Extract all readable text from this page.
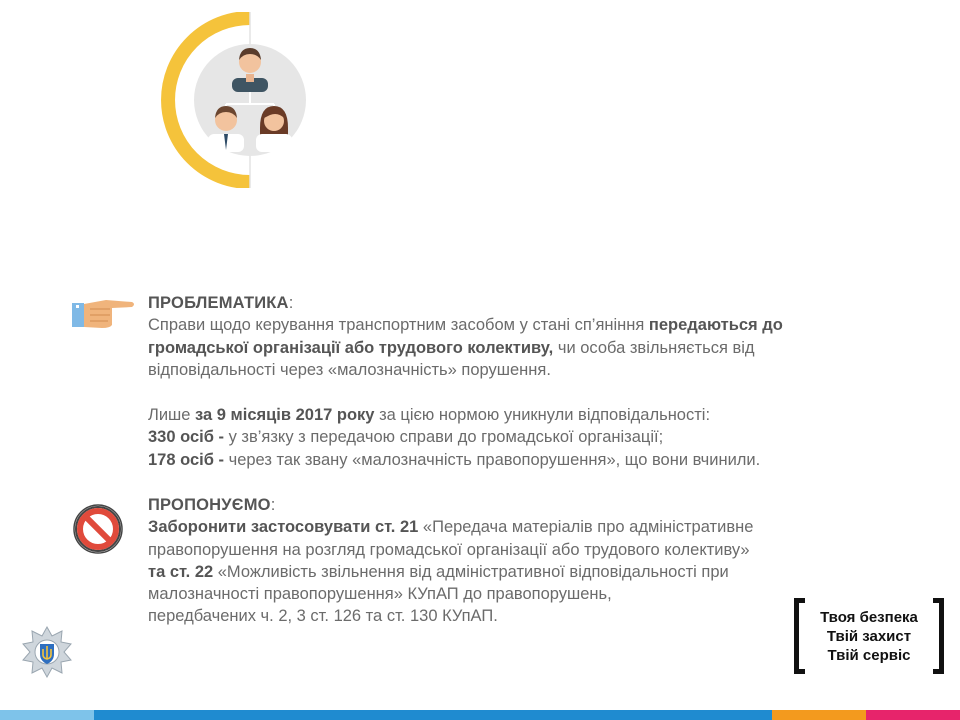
ПРОБЛЕМАТИКА:
Справи щодо керування транспортним засобом у стані сп’яніння передаються до
громадської організації або трудового колективу, чи особа звільняється від
відповідальності через «малозначність» порушення.
Лише за 9 місяців 2017 року за цією нормою уникнули відповідальності:
330 осіб - у зв’язку з передачою справи до громадської організації;
178 осіб - через так звану «малозначність правопорушення», що вони вчинили.
ПРОПОНУЄМО:
Заборонити застосовувати ст. 21 «Передача матеріалів про адміністративне
правопорушення на розгляд громадської організації або трудового колективу»
та ст. 22 «Можливість звільнення від адміністративної відповідальності при
малозначності правопорушення» КУпАП до правопорушень,
передбачених ч. 2, 3 ст. 126 та ст. 130 КУпАП.	Твоя безпека
Твій захист
Твій сервіс
